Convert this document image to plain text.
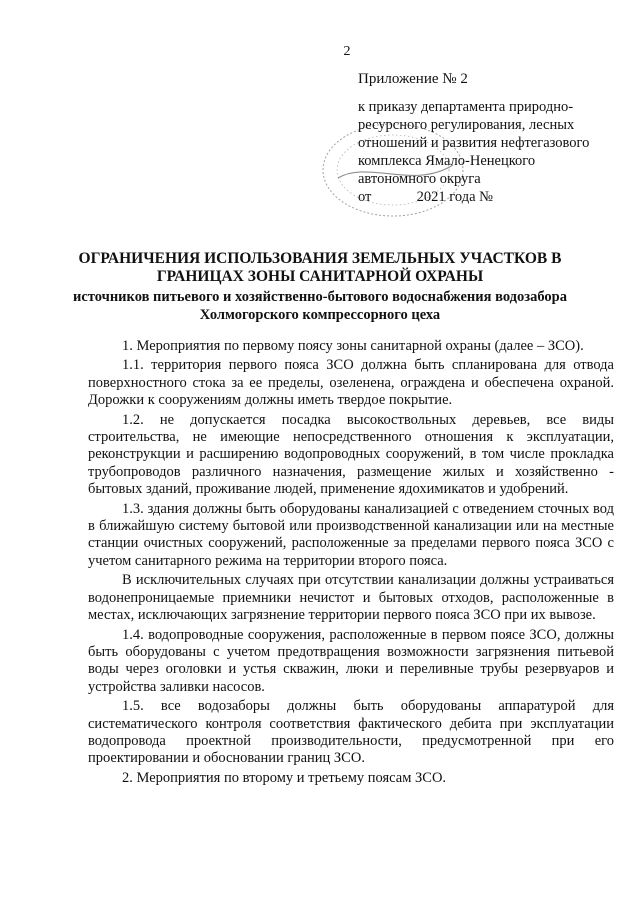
2
Приложение № 2
к приказу департамента природно-
ресурсного регулирования, лесных
отношений и развития нефтегазового
комплекса Ямало-Ненецкого
автономного округа
от	2021 года №
ОГРАНИЧЕНИЯ ИСПОЛЬЗОВАНИЯ ЗЕМЕЛЬНЫХ УЧАСТКОВ В
ГРАНИЦАХ ЗОНЫ САНИТАРНОЙ ОХРАНЫ
источников питьевого и хозяйственно-бытового водоснабжения водозабора
Холмогорского компрессорного цеха

1. Мероприятия по первому поясу зоны санитарной охраны (далее – ЗСО).

1.1. территория первого пояса ЗСО должна быть спланирована для отвода поверхностного стока за ее пределы, озеленена, ограждена и обеспечена охраной. Дорожки к сооружениям должны иметь твердое покрытие.

1.2. не допускается посадка высокоствольных деревьев, все виды строительства, не имеющие непосредственного отношения к эксплуатации, реконструкции и расширению водопроводных сооружений, в том числе прокладка трубопроводов различного назначения, размещение жилых и хозяйственно - бытовых зданий, проживание людей, применение ядохимикатов и удобрений.

1.3. здания должны быть оборудованы канализацией с отведением сточных вод в ближайшую систему бытовой или производственной канализации или на местные станции очистных сооружений, расположенные за пределами первого пояса ЗСО с учетом санитарного режима на территории второго пояса.

В исключительных случаях при отсутствии канализации должны устраиваться водонепроницаемые приемники нечистот и бытовых отходов, расположенные в местах, исключающих загрязнение территории первого пояса ЗСО при их вывозе.

1.4. водопроводные сооружения, расположенные в первом поясе ЗСО, должны быть оборудованы с учетом предотвращения возможности загрязнения питьевой воды через оголовки и устья скважин, люки и переливные трубы резервуаров и устройства заливки насосов.

1.5. все водозаборы должны быть оборудованы аппаратурой для систематического контроля соответствия фактического дебита при эксплуатации водопровода проектной производительности, предусмотренной при его проектировании и обосновании границ ЗСО.

2. Мероприятия по второму и третьему поясам ЗСО.
